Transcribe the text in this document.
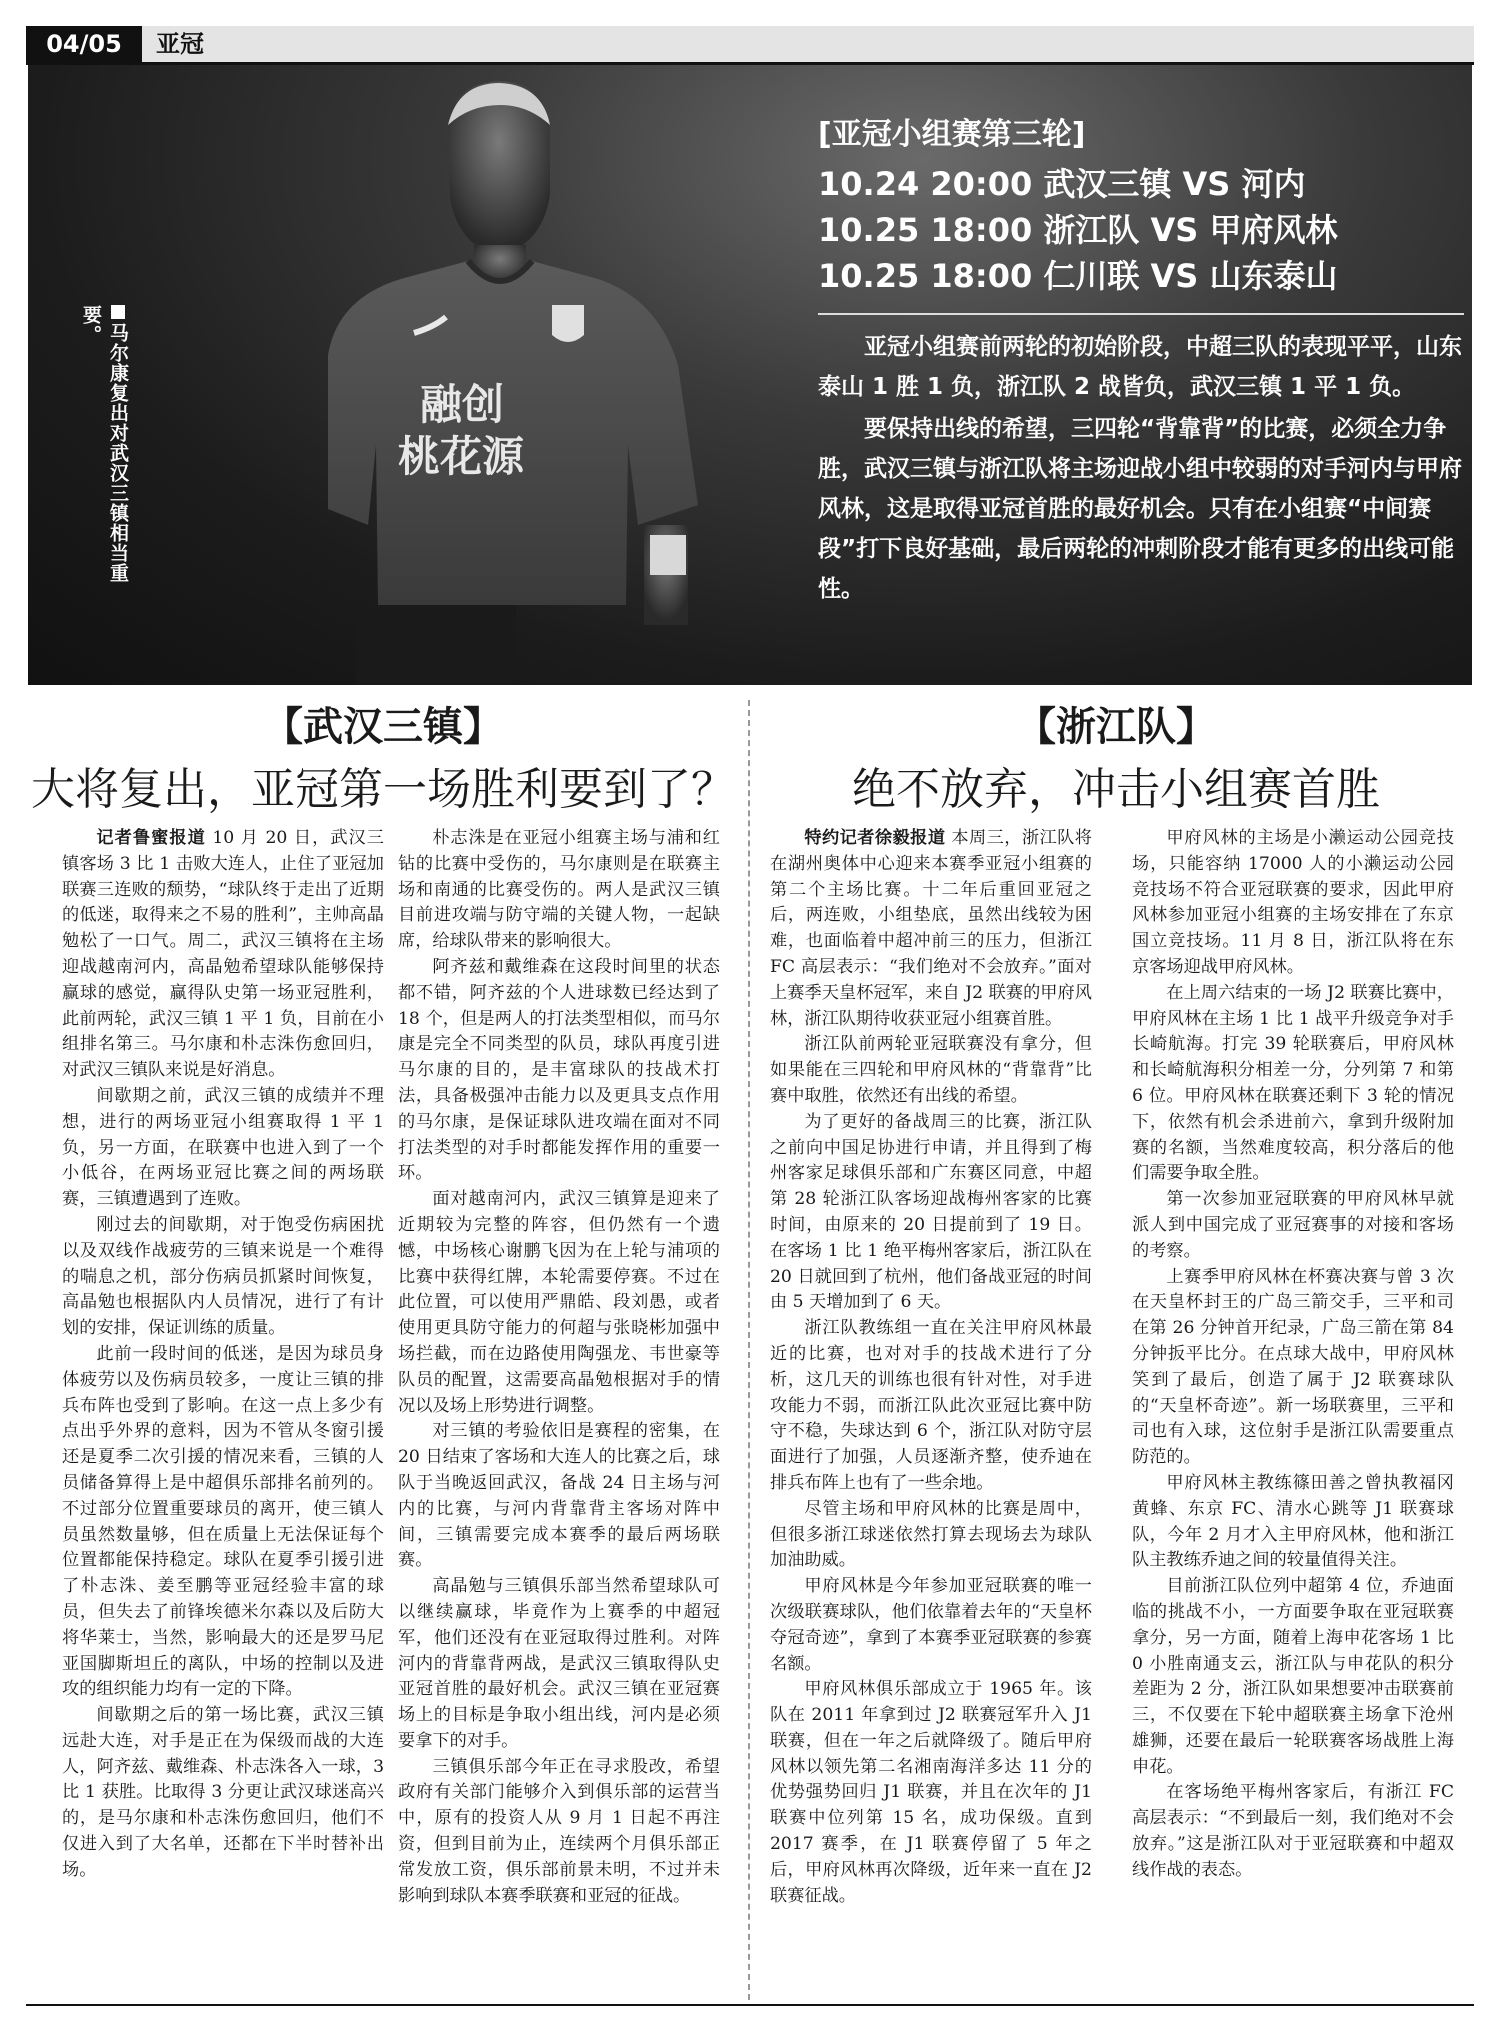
04/05	亚冠
融创
桃花源
马尔康复出对武汉三镇相当重要。
[亚冠小组赛第三轮]
10.24 20:00 武汉三镇 VS 河内
10.25 18:00 浙江队 VS 甲府风林
10.25 18:00 仁川联 VS 山东泰山

亚冠小组赛前两轮的初始阶段，中超三队的表现平平，山东泰山 1 胜 1 负，浙江队 2 战皆负，武汉三镇 1 平 1 负。

要保持出线的希望，三四轮“背靠背”的比赛，必须全力争胜，武汉三镇与浙江队将主场迎战小组中较弱的对手河内与甲府风林，这是取得亚冠首胜的最好机会。只有在小组赛“中间赛段”打下良好基础，最后两轮的冲刺阶段才能有更多的出线可能性。

【武汉三镇】
大将复出，亚冠第一场胜利要到了？

记者鲁蜜报道 10 月 20 日，武汉三镇客场 3 比 1 击败大连人，止住了亚冠加联赛三连败的颓势，“球队终于走出了近期的低迷，取得来之不易的胜利”，主帅高晶勉松了一口气。周二，武汉三镇将在主场迎战越南河内，高晶勉希望球队能够保持赢球的感觉，赢得队史第一场亚冠胜利，此前两轮，武汉三镇 1 平 1 负，目前在小组排名第三。马尔康和朴志洙伤愈回归，对武汉三镇队来说是好消息。

间歇期之前，武汉三镇的成绩并不理想，进行的两场亚冠小组赛取得 1 平 1 负，另一方面，在联赛中也进入到了一个小低谷，在两场亚冠比赛之间的两场联赛，三镇遭遇到了连败。

刚过去的间歇期，对于饱受伤病困扰以及双线作战疲劳的三镇来说是一个难得的喘息之机，部分伤病员抓紧时间恢复，高晶勉也根据队内人员情况，进行了有计划的安排，保证训练的质量。

此前一段时间的低迷，是因为球员身体疲劳以及伤病员较多，一度让三镇的排兵布阵也受到了影响。在这一点上多少有点出乎外界的意料，因为不管从冬窗引援还是夏季二次引援的情况来看，三镇的人员储备算得上是中超俱乐部排名前列的。不过部分位置重要球员的离开，使三镇人员虽然数量够，但在质量上无法保证每个位置都能保持稳定。球队在夏季引援引进了朴志洙、姜至鹏等亚冠经验丰富的球员，但失去了前锋埃德米尔森以及后防大将华莱士，当然，影响最大的还是罗马尼亚国脚斯坦丘的离队，中场的控制以及进攻的组织能力均有一定的下降。

间歇期之后的第一场比赛，武汉三镇远赴大连，对手是正在为保级而战的大连人，阿齐兹、戴维森、朴志洙各入一球，3 比 1 获胜。比取得 3 分更让武汉球迷高兴的，是马尔康和朴志洙伤愈回归，他们不仅进入到了大名单，还都在下半时替补出场。

朴志洙是在亚冠小组赛主场与浦和红钻的比赛中受伤的，马尔康则是在联赛主场和南通的比赛受伤的。两人是武汉三镇目前进攻端与防守端的关键人物，一起缺席，给球队带来的影响很大。

阿齐兹和戴维森在这段时间里的状态都不错，阿齐兹的个人进球数已经达到了 18 个，但是两人的打法类型相似，而马尔康是完全不同类型的队员，球队再度引进马尔康的目的，是丰富球队的技战术打法，具备极强冲击能力以及更具支点作用的马尔康，是保证球队进攻端在面对不同打法类型的对手时都能发挥作用的重要一环。

面对越南河内，武汉三镇算是迎来了近期较为完整的阵容，但仍然有一个遗憾，中场核心谢鹏飞因为在上轮与浦项的比赛中获得红牌，本轮需要停赛。不过在此位置，可以使用严鼎皓、段刘愚，或者使用更具防守能力的何超与张晓彬加强中场拦截，而在边路使用陶强龙、韦世豪等队员的配置，这需要高晶勉根据对手的情况以及场上形势进行调整。

对三镇的考验依旧是赛程的密集，在 20 日结束了客场和大连人的比赛之后，球队于当晚返回武汉，备战 24 日主场与河内的比赛，与河内背靠背主客场对阵中间，三镇需要完成本赛季的最后两场联赛。

高晶勉与三镇俱乐部当然希望球队可以继续赢球，毕竟作为上赛季的中超冠军，他们还没有在亚冠取得过胜利。对阵河内的背靠背两战，是武汉三镇取得队史亚冠首胜的最好机会。武汉三镇在亚冠赛场上的目标是争取小组出线，河内是必须要拿下的对手。

三镇俱乐部今年正在寻求股改，希望政府有关部门能够介入到俱乐部的运营当中，原有的投资人从 9 月 1 日起不再注资，但到目前为止，连续两个月俱乐部正常发放工资，俱乐部前景未明，不过并未影响到球队本赛季联赛和亚冠的征战。

【浙江队】
绝不放弃，冲击小组赛首胜

特约记者徐毅报道 本周三，浙江队将在湖州奥体中心迎来本赛季亚冠小组赛的第二个主场比赛。十二年后重回亚冠之后，两连败，小组垫底，虽然出线较为困难，也面临着中超冲前三的压力，但浙江 FC 高层表示：“我们绝对不会放弃。”面对上赛季天皇杯冠军，来自 J2 联赛的甲府风林，浙江队期待收获亚冠小组赛首胜。

浙江队前两轮亚冠联赛没有拿分，但如果能在三四轮和甲府风林的“背靠背”比赛中取胜，依然还有出线的希望。

为了更好的备战周三的比赛，浙江队之前向中国足协进行申请，并且得到了梅州客家足球俱乐部和广东赛区同意，中超第 28 轮浙江队客场迎战梅州客家的比赛时间，由原来的 20 日提前到了 19 日。在客场 1 比 1 绝平梅州客家后，浙江队在 20 日就回到了杭州，他们备战亚冠的时间由 5 天增加到了 6 天。

浙江队教练组一直在关注甲府风林最近的比赛，也对对手的技战术进行了分析，这几天的训练也很有针对性，对手进攻能力不弱，而浙江队此次亚冠比赛中防守不稳，失球达到 6 个，浙江队对防守层面进行了加强，人员逐渐齐整，使乔迪在排兵布阵上也有了一些余地。

尽管主场和甲府风林的比赛是周中，但很多浙江球迷依然打算去现场去为球队加油助威。

甲府风林是今年参加亚冠联赛的唯一次级联赛球队，他们依靠着去年的“天皇杯夺冠奇迹”，拿到了本赛季亚冠联赛的参赛名额。

甲府风林俱乐部成立于 1965 年。该队在 2011 年拿到过 J2 联赛冠军升入 J1 联赛，但在一年之后就降级了。随后甲府风林以领先第二名湘南海洋多达 11 分的优势强势回归 J1 联赛，并且在次年的 J1 联赛中位列第 15 名，成功保级。直到 2017 赛季，在 J1 联赛停留了 5 年之后，甲府风林再次降级，近年来一直在 J2 联赛征战。

甲府风林的主场是小濑运动公园竞技场，只能容纳 17000 人的小濑运动公园竞技场不符合亚冠联赛的要求，因此甲府风林参加亚冠小组赛的主场安排在了东京国立竞技场。11 月 8 日，浙江队将在东京客场迎战甲府风林。

在上周六结束的一场 J2 联赛比赛中，甲府风林在主场 1 比 1 战平升级竞争对手长崎航海。打完 39 轮联赛后，甲府风林和长崎航海积分相差一分，分列第 7 和第 6 位。甲府风林在联赛还剩下 3 轮的情况下，依然有机会杀进前六，拿到升级附加赛的名额，当然难度较高，积分落后的他们需要争取全胜。

第一次参加亚冠联赛的甲府风林早就派人到中国完成了亚冠赛事的对接和客场的考察。

上赛季甲府风林在杯赛决赛与曾 3 次在天皇杯封王的广岛三箭交手，三平和司在第 26 分钟首开纪录，广岛三箭在第 84 分钟扳平比分。在点球大战中，甲府风林笑到了最后，创造了属于 J2 联赛球队的“天皇杯奇迹”。新一场联赛里，三平和司也有入球，这位射手是浙江队需要重点防范的。

甲府风林主教练篠田善之曾执教福冈黄蜂、东京 FC、清水心跳等 J1 联赛球队，今年 2 月才入主甲府风林，他和浙江队主教练乔迪之间的较量值得关注。

目前浙江队位列中超第 4 位，乔迪面临的挑战不小，一方面要争取在亚冠联赛拿分，另一方面，随着上海申花客场 1 比 0 小胜南通支云，浙江队与申花队的积分差距为 2 分，浙江队如果想要冲击联赛前三，不仅要在下轮中超联赛主场拿下沧州雄狮，还要在最后一轮联赛客场战胜上海申花。

在客场绝平梅州客家后，有浙江 FC 高层表示：“不到最后一刻，我们绝对不会放弃。”这是浙江队对于亚冠联赛和中超双线作战的表态。
